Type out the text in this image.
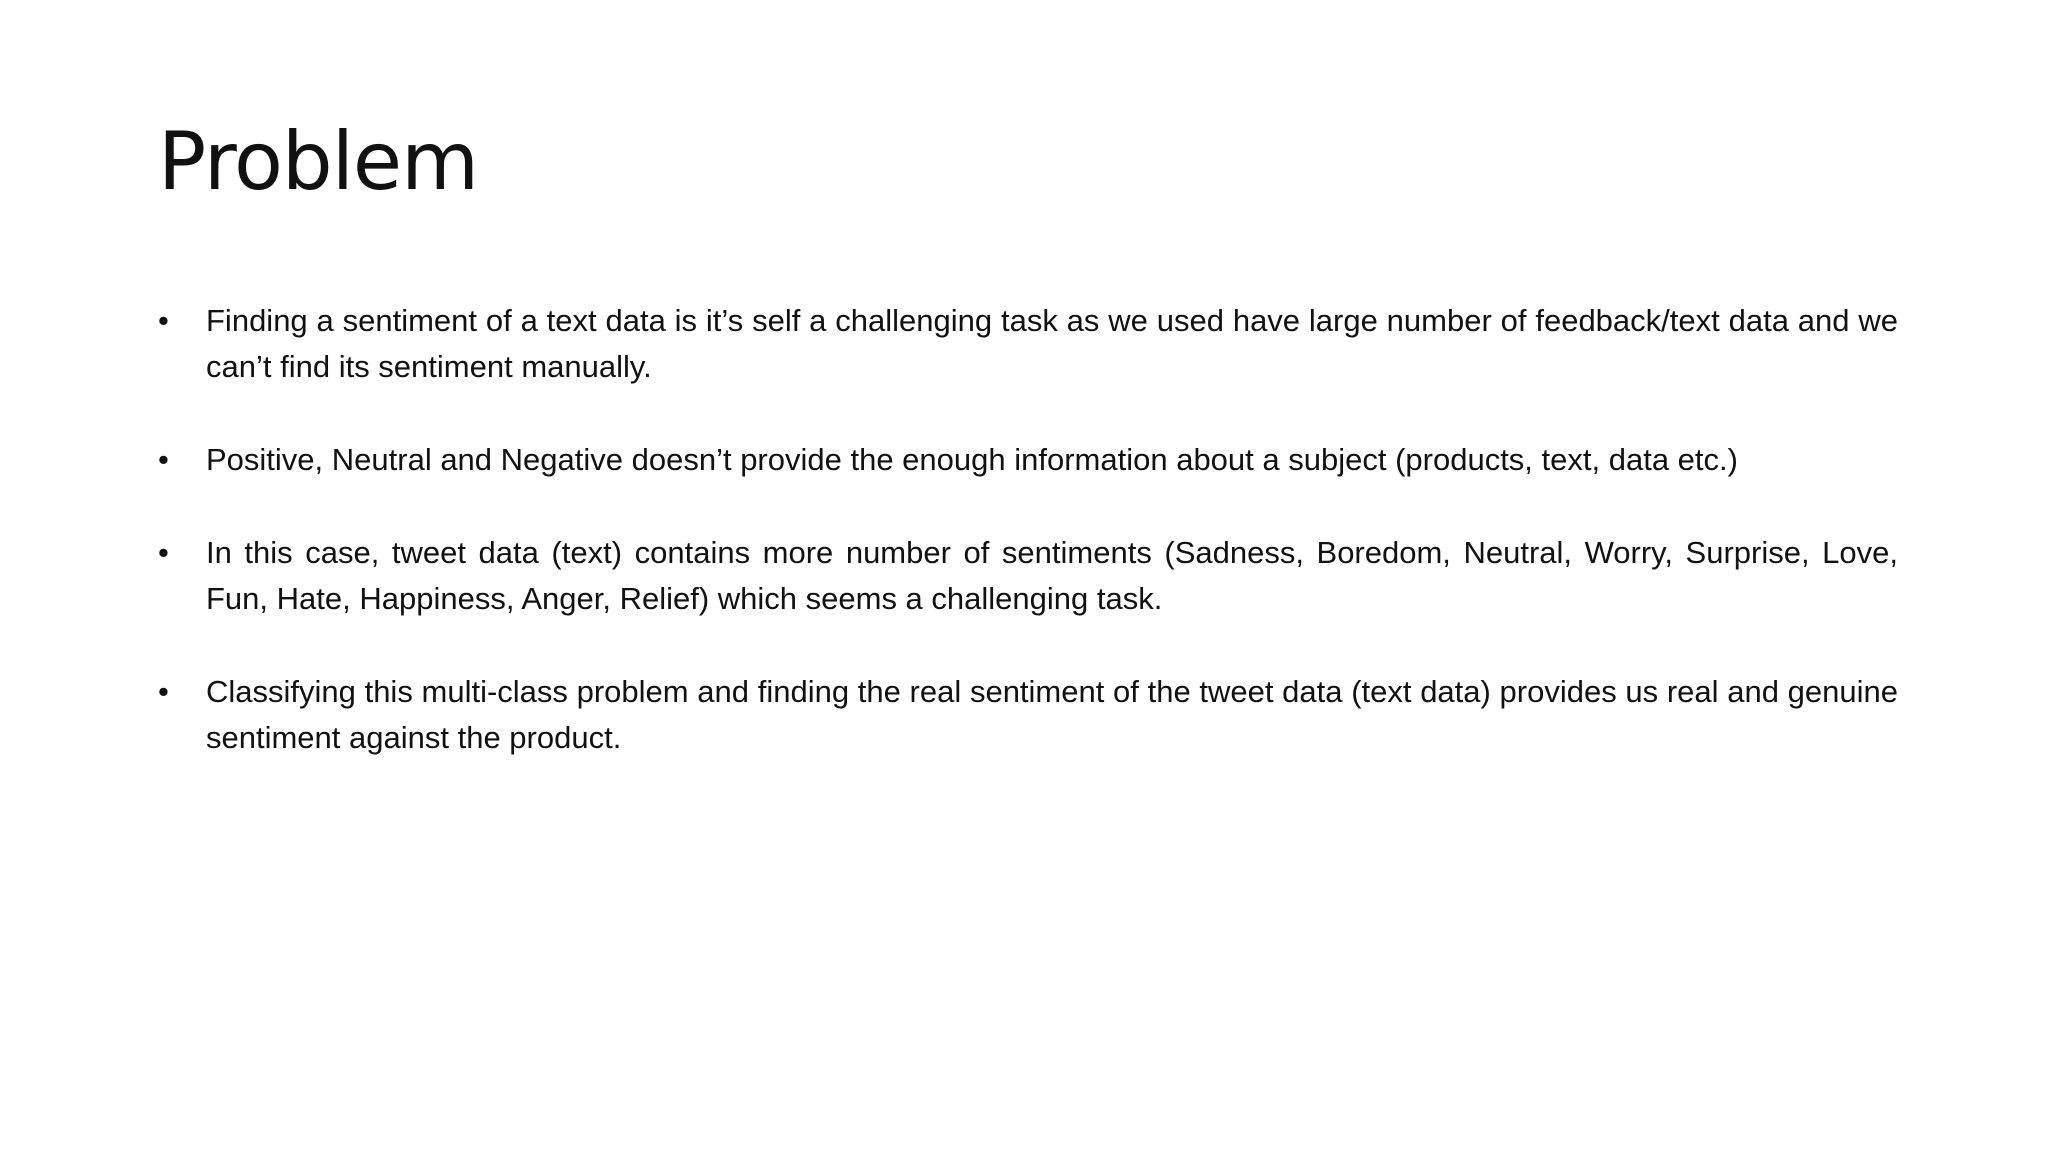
Problem
•	Finding a sentiment of a text data is it’s self a challenging task as we used have large number of feedback/text data and we can’t find its sentiment manually.
•	Positive, Neutral and Negative doesn’t provide the enough information about a subject (products, text, data etc.)
•	In this case, tweet data (text) contains more number of sentiments (Sadness, Boredom, Neutral, Worry, Surprise, Love, Fun, Hate, Happiness, Anger, Relief) which seems a challenging task.
•	Classifying this multi-class problem and finding the real sentiment of the tweet data (text data) provides us real and genuine sentiment against the product.
